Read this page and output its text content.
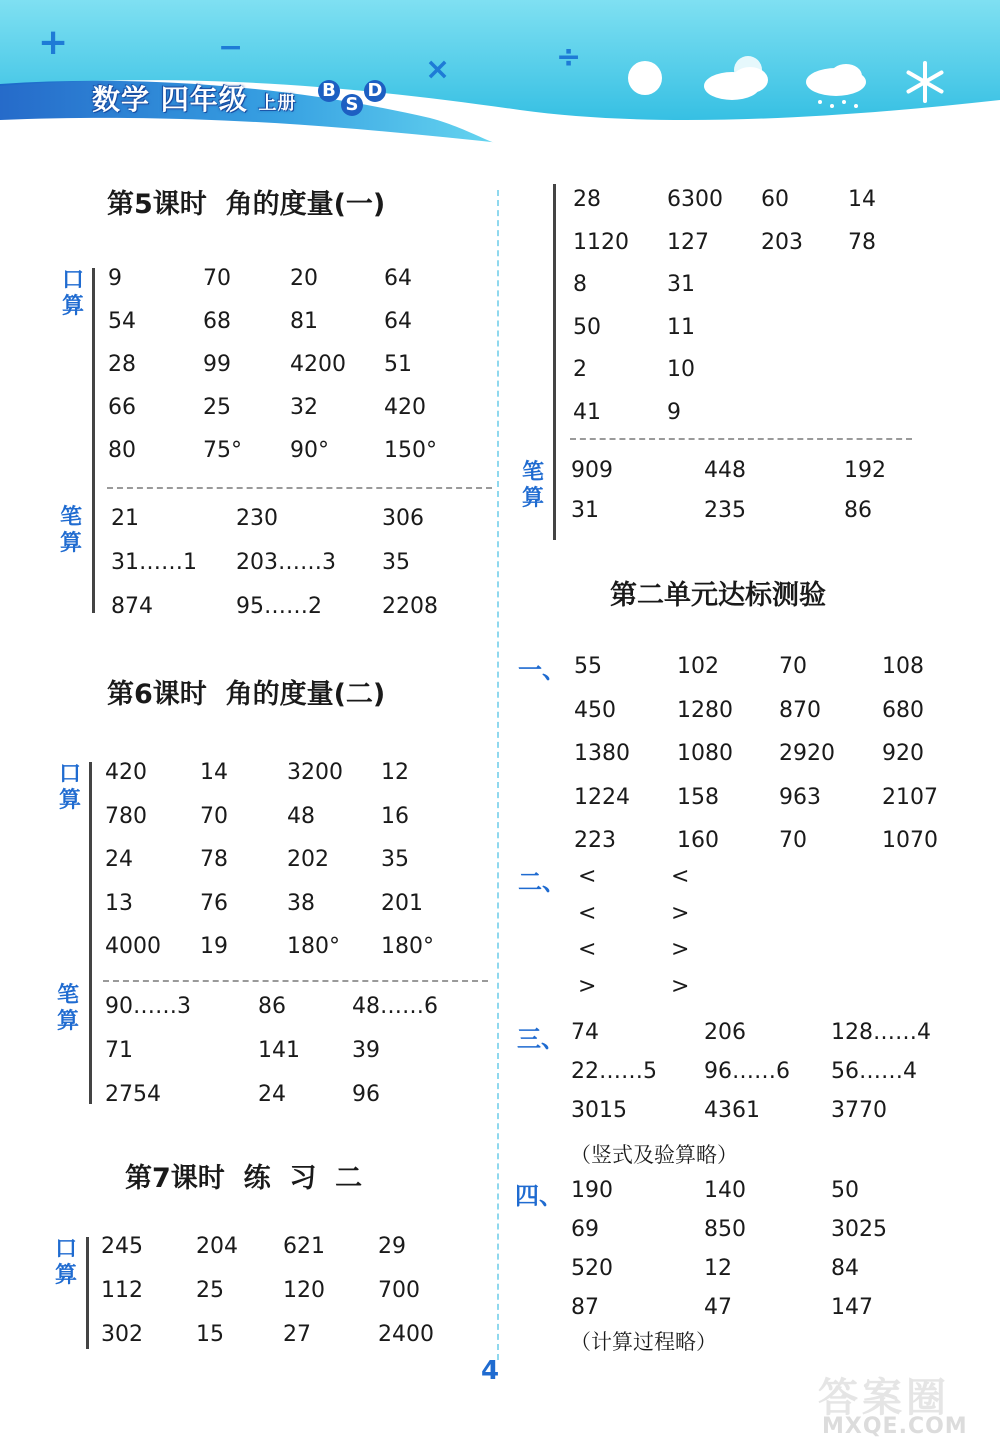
+	−
×	÷
数学 四年级 上册
B
S
D
第5课时  角的度量(一)
口算
笔算
第6课时  角的度量(二)
口算
笔算
第7课时  练  习  二
口算
笔算
第二单元达标测验
一、
二、
三、
（竖式及验算略）
四、
（计算过程略）
4
答案圈
MXQE.COM
9	70	20	64
54	68	81	64
28	99	4200 51
66	25	32	420
80	75° 90°	150°
21	230	306
31……1 203……3 35
874	95……2	2208
420 14	3200 12
780 70	48	16
24	78	202 35
13	76	38	201
4000 19	180° 180°
90……3	86	48……6
71	141 39
2754	24	96
245 204 621 29
112 25	120 700
302 15	27	2400
28	6300 60	14
1120 127 203 78
8	31
50	11
2	10
41	9
909	448	192
31	235	86
55	102	70	108
450	1280 870	680
1380 1080 2920 920
1224 158	963	2107
223	160	70	1070
<	<
<	>
<	>
>	>
74	206	128……4
22……5 96……6 56……4
3015	4361	3770
190	140	50
69	850	3025
520	12	84
87	47	147
